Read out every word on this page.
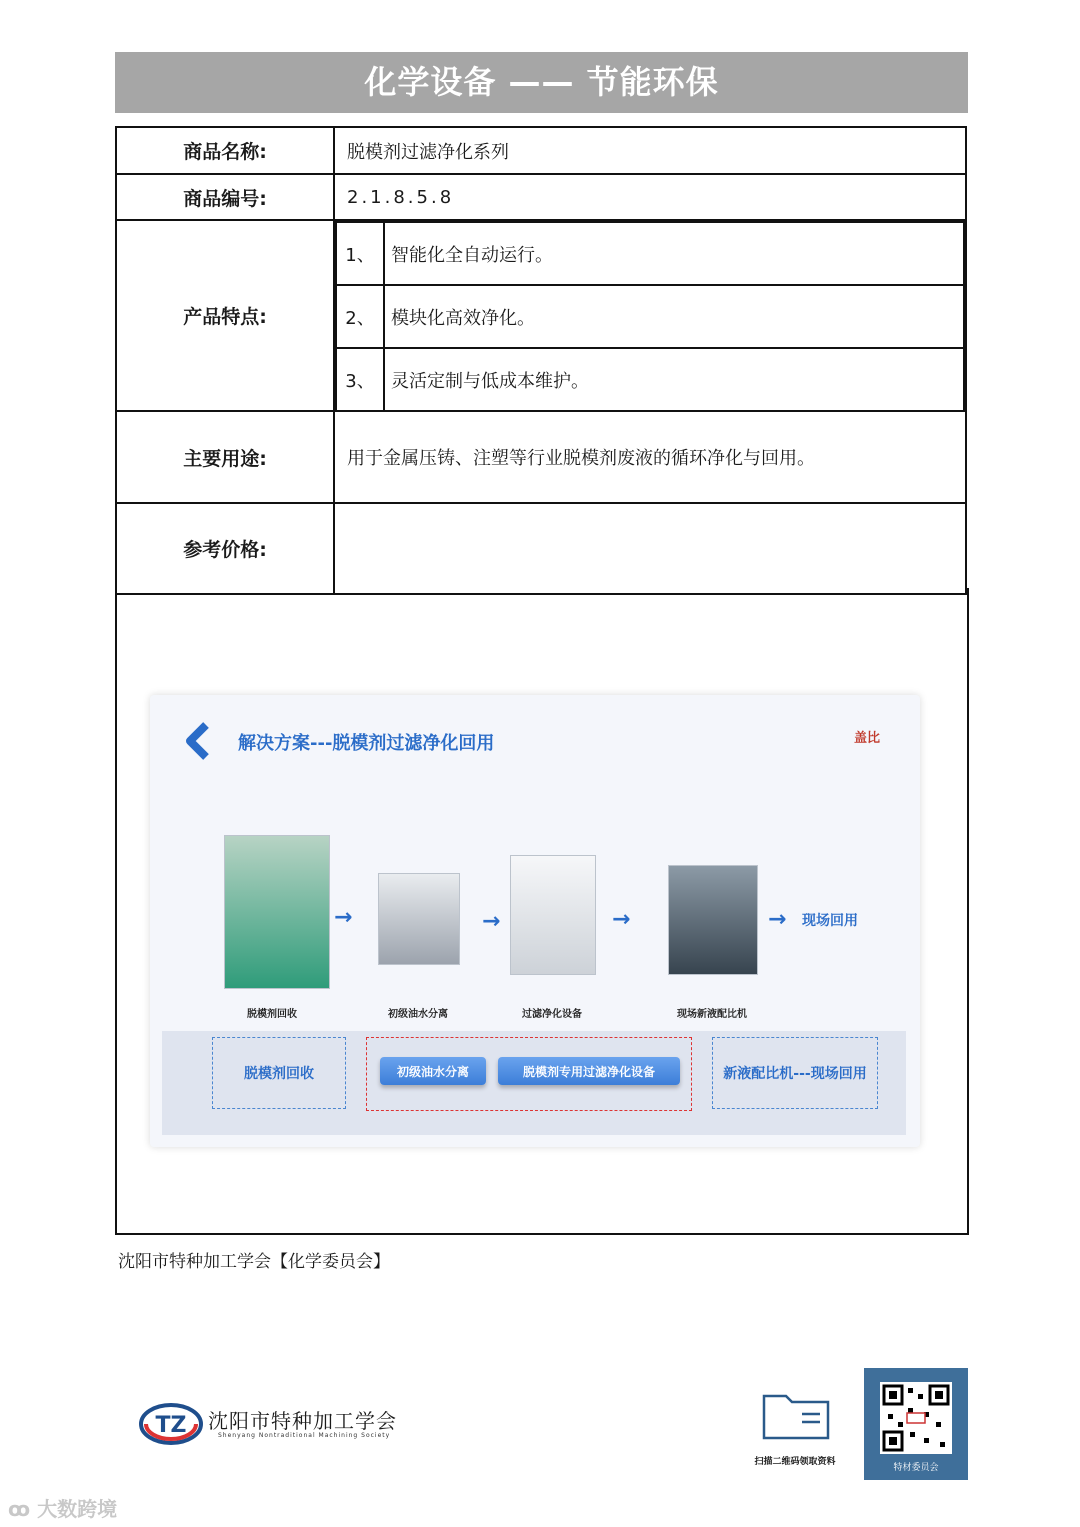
化学设备 —— 节能环保
商品名称:	脱模剂过滤净化系列
商品编号:	2.1.8.5.8
产品特点:	
1、	智能化全自动运行。
2、	模块化高效净化。
3、	灵活定制与低成本维护。

主要用途:	用于金属压铸、注塑等行业脱模剂废液的循环净化与回用。
参考价格:	
解决方案---脱模剂过滤净化回用	盖比
→	→	→	→ 现场回用
脱模剂回收	初级油水分离	过滤净化设备	现场新液配比机
脱模剂回收	初级油水分离	脱模剂专用过滤净化设备	新液配比机---现场回用
沈阳市特种加工学会【化学委员会】
TZ 沈阳市特种加工学会
Shenyang Nontraditional Machining Society
扫描二维码领取资料
特材委员会
ꝏ 大数跨境
